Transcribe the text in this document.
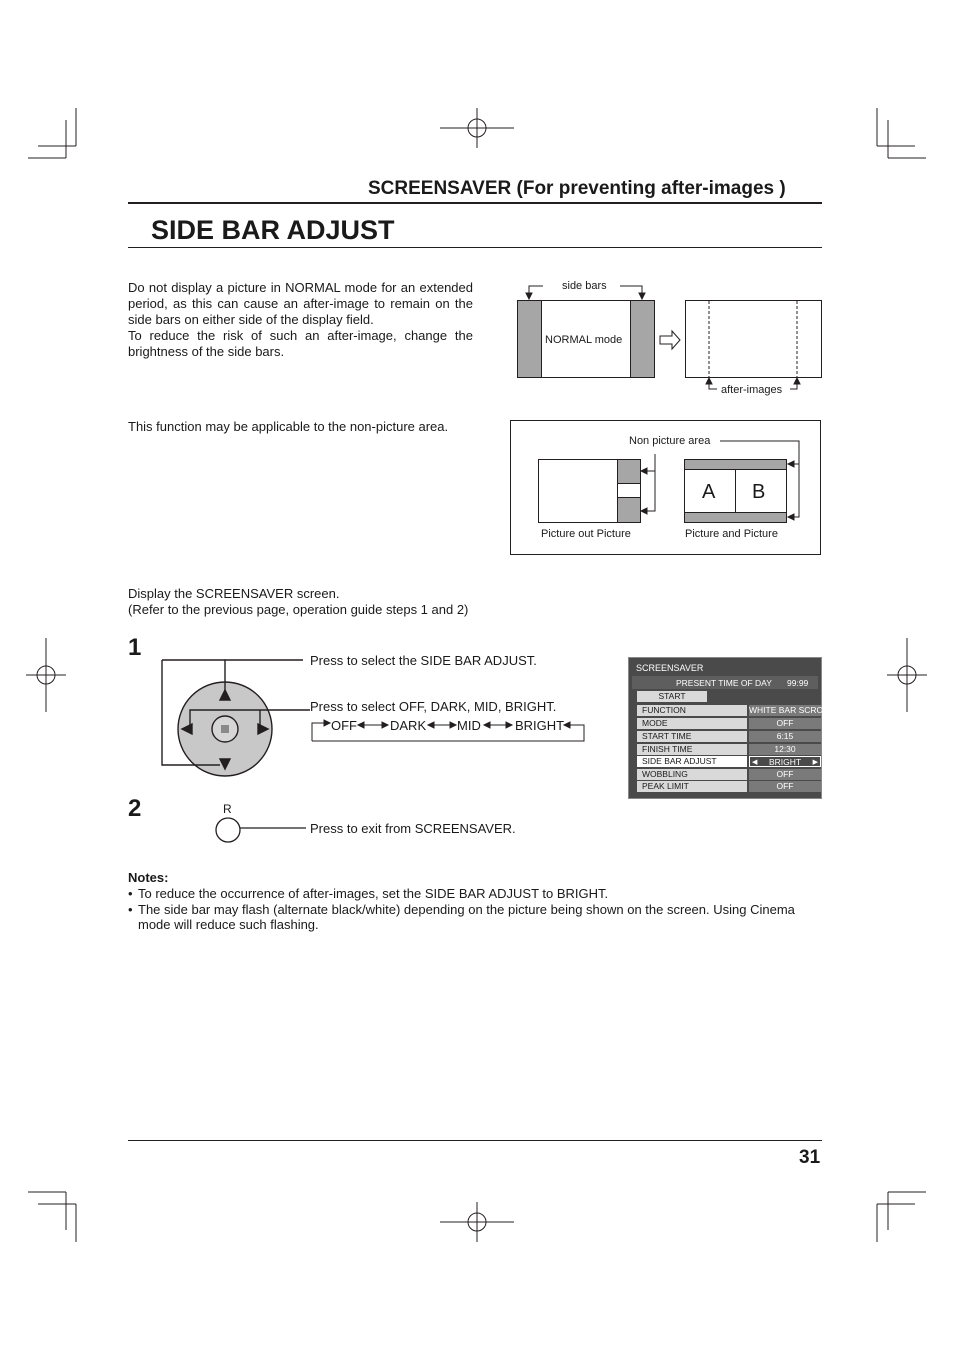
SCREENSAVER (For preventing after-images )
SIDE BAR ADJUST
Do not display a picture in NORMAL mode for an extended
period, as this can cause an after-image to remain on the
side bars on either side of the display field.
To reduce the risk of such an after-image, change the
brightness of the side bars.
side bars
NORMAL mode
after-images
This function may be applicable to the non-picture area.
Non picture area
A B
Picture out Picture	Picture and Picture
Display the SCREENSAVER screen.
(Refer to the previous page, operation guide steps 1 and 2)
1	Press to select the SIDE BAR ADJUST.
Press to select OFF, DARK, MID, BRIGHT.
OFF	DARK MID	BRIGHT
SCREENSAVER
PRESENT TIME OF DAY 99:99
START
FUNCTION	WHITE BAR SCROLL
MODE	OFF
START TIME	6:15
FINISH TIME	12:30
SIDE BAR ADJUST	◀ BRIGHT ▶
WOBBLING	OFF
PEAK LIMIT	OFF
2	R
Press to exit from SCREENSAVER.
Notes:
• To reduce the occurrence of after-images, set the SIDE BAR ADJUST to BRIGHT.
• The side bar may flash (alternate black/white) depending on the picture being shown on the screen. Using Cinema mode will reduce such flashing.
31
